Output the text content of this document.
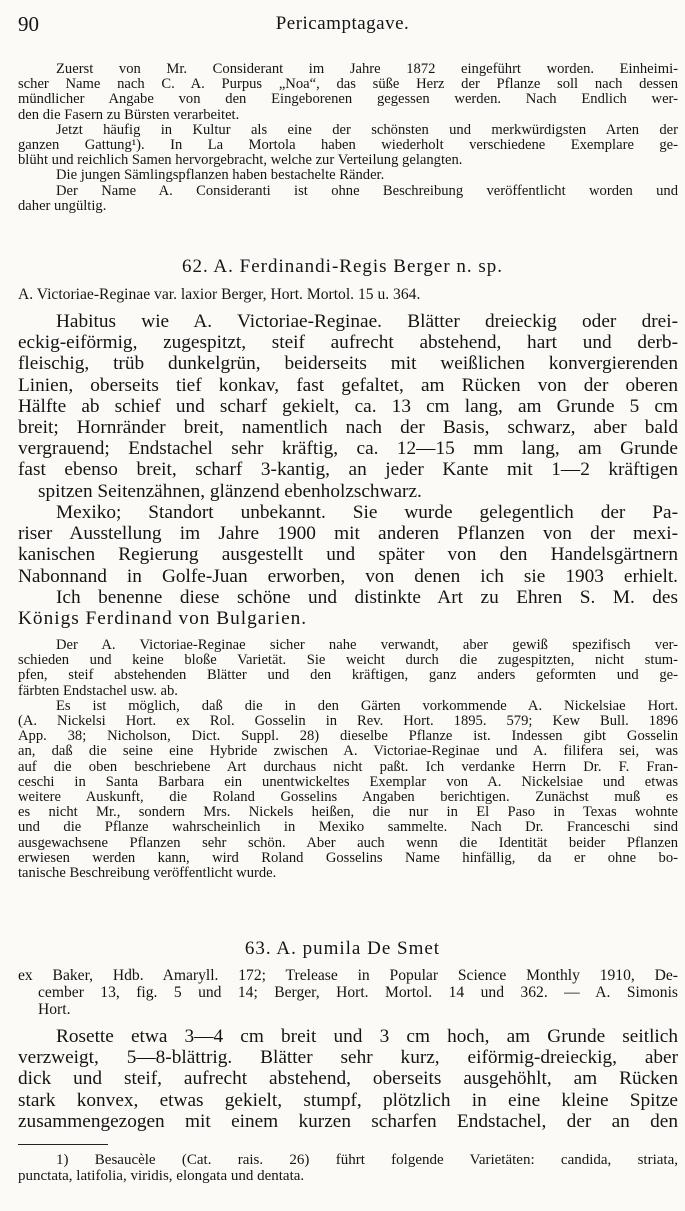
90	Pericamptagave.
Zuerst von Mr. Considerant im Jahre 1872 eingeführt worden. Einheimi-
scher Name nach C. A. Purpus „Noa“, das süße Herz der Pflanze soll nach dessen
mündlicher Angabe von den Eingeborenen gegessen werden. Nach Endlich wer-
den die Fasern zu Bürsten verarbeitet.
Jetzt häufig in Kultur als eine der schönsten und merkwürdigsten Arten der
ganzen Gattung¹). In La Mortola haben wiederholt verschiedene Exemplare ge-
blüht und reichlich Samen hervorgebracht, welche zur Verteilung gelangten.
Die jungen Sämlingspflanzen haben bestachelte Ränder.
Der Name A. Consideranti ist ohne Beschreibung veröffentlicht worden und
daher ungültig.
62. A. Ferdinandi-Regis Berger n. sp.
A. Victoriae-Reginae var. laxior Berger, Hort. Mortol. 15 u. 364.
Habitus wie A. Victoriae-Reginae. Blätter dreieckig oder drei-
eckig-eiförmig, zugespitzt, steif aufrecht abstehend, hart und derb-
fleischig, trüb dunkelgrün, beiderseits mit weißlichen konvergierenden
Linien, oberseits tief konkav, fast gefaltet, am Rücken von der oberen
Hälfte ab schief und scharf gekielt, ca. 13 cm lang, am Grunde 5 cm
breit; Hornränder breit, namentlich nach der Basis, schwarz, aber bald
vergrauend; Endstachel sehr kräftig, ca. 12—15 mm lang, am Grunde
fast ebenso breit, scharf 3-kantig, an jeder Kante mit 1—2 kräftigen
spitzen Seitenzähnen, glänzend ebenholzschwarz.
Mexiko; Standort unbekannt. Sie wurde gelegentlich der Pa-
riser Ausstellung im Jahre 1900 mit anderen Pflanzen von der mexi-
kanischen Regierung ausgestellt und später von den Handelsgärtnern
Nabonnand in Golfe-Juan erworben, von denen ich sie 1903 erhielt.
Ich benenne diese schöne und distinkte Art zu Ehren S. M. des
Königs Ferdinand von Bulgarien.
Der A. Victoriae-Reginae sicher nahe verwandt, aber gewiß spezifisch ver-
schieden und keine bloße Varietät. Sie weicht durch die zugespitzten, nicht stum-
pfen, steif abstehenden Blätter und den kräftigen, ganz anders geformten und ge-
färbten Endstachel usw. ab.
Es ist möglich, daß die in den Gärten vorkommende A. Nickelsiae Hort.
(A. Nickelsi Hort. ex Rol. Gosselin in Rev. Hort. 1895. 579; Kew Bull. 1896
App. 38; Nicholson, Dict. Suppl. 28) dieselbe Pflanze ist. Indessen gibt Gosselin
an, daß die seine eine Hybride zwischen A. Victoriae-Reginae und A. filifera sei, was
auf die oben beschriebene Art durchaus nicht paßt. Ich verdanke Herrn Dr. F. Fran-
ceschi in Santa Barbara ein unentwickeltes Exemplar von A. Nickelsiae und etwas
weitere Auskunft, die Roland Gosselins Angaben berichtigen. Zunächst muß es
es nicht Mr., sondern Mrs. Nickels heißen, die nur in El Paso in Texas wohnte
und die Pflanze wahrscheinlich in Mexiko sammelte. Nach Dr. Franceschi sind
ausgewachsene Pflanzen sehr schön. Aber auch wenn die Identität beider Pflanzen
erwiesen werden kann, wird Roland Gosselins Name hinfällig, da er ohne bo-
tanische Beschreibung veröffentlicht wurde.
63. A. pumila De Smet
ex Baker, Hdb. Amaryll. 172; Trelease in Popular Science Monthly 1910, De-
cember 13, fig. 5 und 14; Berger, Hort. Mortol. 14 und 362. — A. Simonis
Hort.
Rosette etwa 3—4 cm breit und 3 cm hoch, am Grunde seitlich
verzweigt, 5—8-blättrig. Blätter sehr kurz, eiförmig-dreieckig, aber
dick und steif, aufrecht abstehend, oberseits ausgehöhlt, am Rücken
stark konvex, etwas gekielt, stumpf, plötzlich in eine kleine Spitze
zusammengezogen mit einem kurzen scharfen Endstachel, der an den
1) Besaucèle (Cat. rais. 26) führt folgende Varietäten: candida, striata,
punctata, latifolia, viridis, elongata und dentata.
